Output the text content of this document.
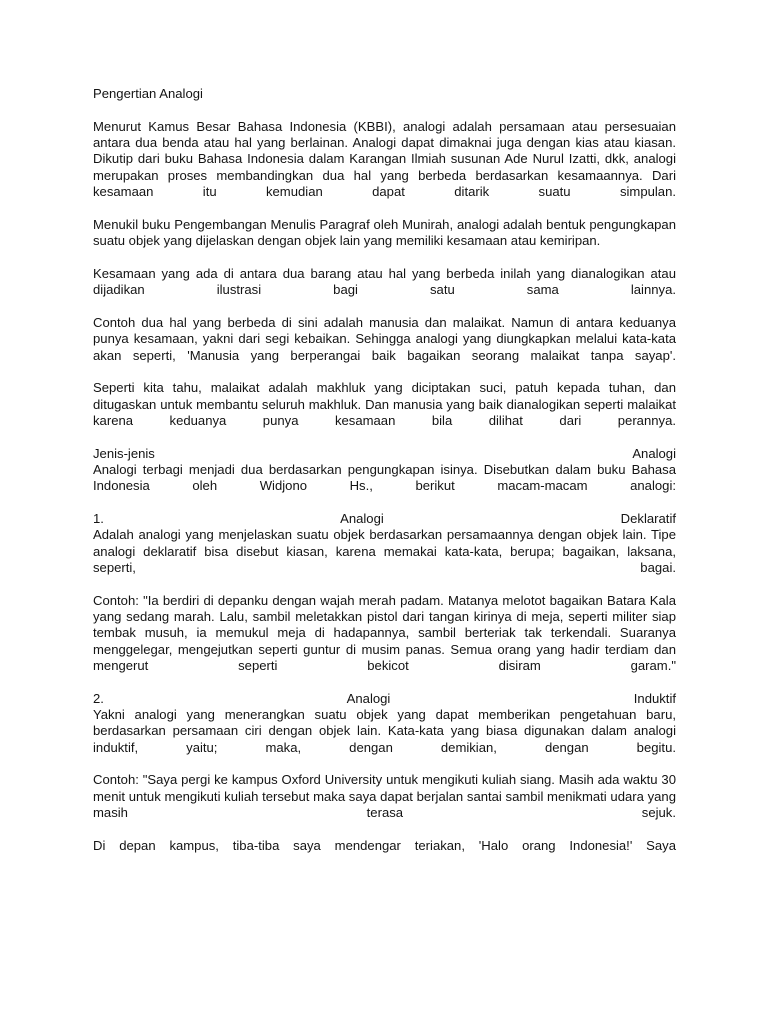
Pengertian Analogi

Menurut Kamus Besar Bahasa Indonesia (KBBI), analogi adalah persamaan atau persesuaian antara dua benda atau hal yang berlainan. Analogi dapat dimaknai juga dengan kias atau kiasan.
Dikutip dari buku Bahasa Indonesia dalam Karangan Ilmiah susunan Ade Nurul Izatti, dkk, analogi merupakan proses membandingkan dua hal yang berbeda berdasarkan kesamaannya. Dari kesamaan itu kemudian dapat ditarik suatu simpulan.

Menukil buku Pengembangan Menulis Paragraf oleh Munirah, analogi adalah bentuk pengungkapan suatu objek yang dijelaskan dengan objek lain yang memiliki kesamaan atau kemiripan.

Kesamaan yang ada di antara dua barang atau hal yang berbeda inilah yang dianalogikan atau dijadikan ilustrasi bagi satu sama lainnya.

Contoh dua hal yang berbeda di sini adalah manusia dan malaikat. Namun di antara keduanya punya kesamaan, yakni dari segi kebaikan. Sehingga analogi yang diungkapkan melalui kata-kata akan seperti, 'Manusia yang berperangai baik bagaikan seorang malaikat tanpa sayap'.

Seperti kita tahu, malaikat adalah makhluk yang diciptakan suci, patuh kepada tuhan, dan ditugaskan untuk membantu seluruh makhluk. Dan manusia yang baik dianalogikan seperti malaikat karena keduanya punya kesamaan bila dilihat dari perannya.

Jenis-jenis Analogi
Analogi terbagi menjadi dua berdasarkan pengungkapan isinya. Disebutkan dalam buku Bahasa Indonesia oleh Widjono Hs., berikut macam-macam analogi:

1. Analogi Deklaratif
Adalah analogi yang menjelaskan suatu objek berdasarkan persamaannya dengan objek lain. Tipe analogi deklaratif bisa disebut kiasan, karena memakai kata-kata, berupa; bagaikan, laksana, seperti, bagai.

Contoh: "Ia berdiri di depanku dengan wajah merah padam. Matanya melotot bagaikan Batara Kala yang sedang marah. Lalu, sambil meletakkan pistol dari tangan kirinya di meja, seperti militer siap tembak musuh, ia memukul meja di hadapannya, sambil berteriak tak terkendali. Suaranya menggelegar, mengejutkan seperti guntur di musim panas. Semua orang yang hadir terdiam dan mengerut seperti bekicot disiram garam."

2. Analogi Induktif
Yakni analogi yang menerangkan suatu objek yang dapat memberikan pengetahuan baru, berdasarkan persamaan ciri dengan objek lain. Kata-kata yang biasa digunakan dalam analogi induktif, yaitu; maka, dengan demikian, dengan begitu.

Contoh: "Saya pergi ke kampus Oxford University untuk mengikuti kuliah siang. Masih ada waktu 30 menit untuk mengikuti kuliah tersebut maka saya dapat berjalan santai sambil menikmati udara yang masih terasa sejuk.

Di depan kampus, tiba-tiba saya mendengar teriakan, 'Halo orang Indonesia!' Saya
